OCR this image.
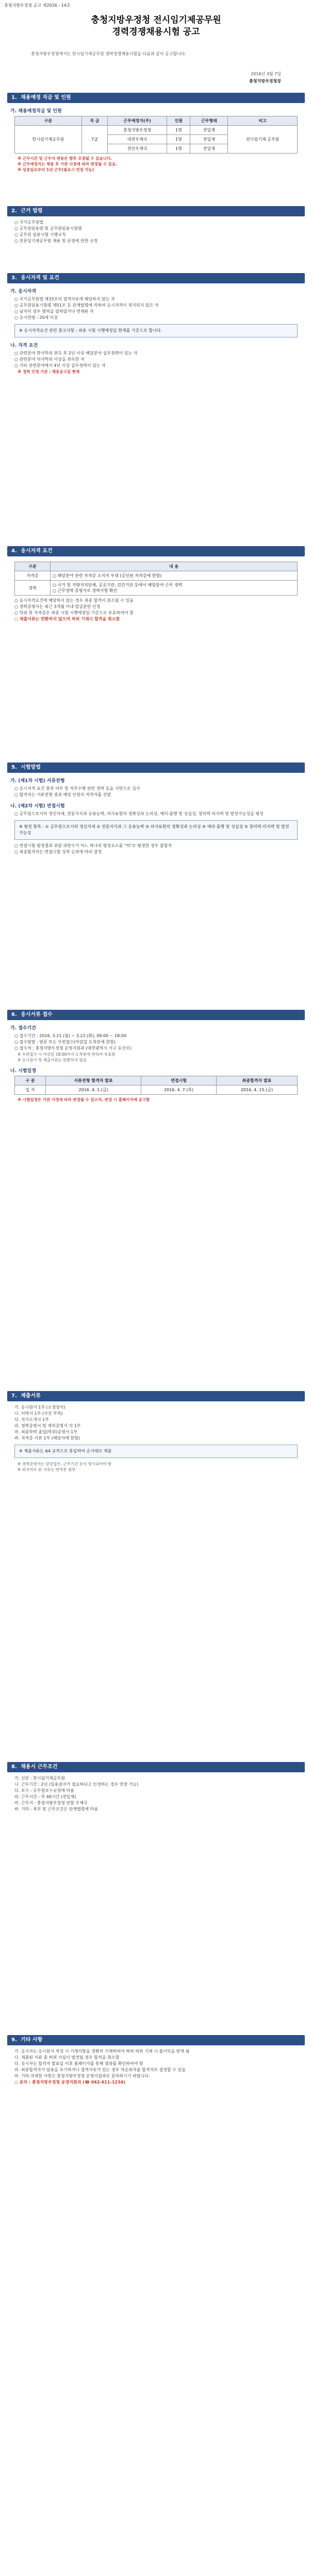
충청지방우정청 공고 제2016 - 14호
충청지방우정청 전시임기제공무원
경력경쟁채용시험 공고
충청지방우정청에서는 한시임기제공무원 경력경쟁채용시험을 다음과 같이 공고합니다.
2016년 3월 7일
충청지방우정청장
1. 채용예정 직급 및 인원
가. 채용예정직급 및 인원
구분	직 급	근무예정지(주)	인원	근무형태	비고
한시임기제공무원	7급	충청지방우정청	1명	전일제	전시임기제 공무원
		대전우체국	1명	전일제	
		천안우체국	1명	전일제	
※ 근무시간 및 근무지 변동은 향후 조정될 수 있습니다.
※ 근무예정지는 채용 후 기관 사정에 따라 변경될 수 있음.
※ 임용일로부터 1년 근무(필요시 연장 가능)
2. 근거 법령
○ 국가공무원법
○ 공무원임용령 및 공무원임용시험령
○ 공무원 임용시험 시행규칙
○ 전문임기제공무원 채용 및 운영에 관한 규정
3. 응시자격 및 요건
가. 응시자격
○ 국가공무원법 제33조의 결격사유에 해당하지 않는 자
○ 공무원임용시험령 제51조 등 관계법령에 의하여 응시자격이 정지되지 않은 자
○ 남자의 경우 병역을 필하였거나 면제된 자
○ 응시연령 : 20세 이상
※ 응시자격요건 관련 참고사항 : 최종 시험 시행예정일 현재를 기준으로 합니다.
나. 자격 요건
○ 관련분야 학사학위 취득 후 2년 이상 해당분야 실무경력이 있는 자
○ 관련분야 석사학위 이상을 취득한 자
○ 기타 관련분야에서 4년 이상 실무경력이 있는 자
※ 경력 인정 기준 : 채용공고일 현재
4. 응시자격 요건
구분	내 용
자격증	○ 해당분야 관련 자격증 소지자 우대 (공인된 자격증에 한함)
경력	○ 국가 및 지방자치단체, 공공기관, 민간기관 등에서 해당분야 근무 경력
○ 근무경력 증명서로 경력사항 확인
○ 응시자격요건에 해당하지 않는 경우 최종 합격이 취소될 수 있음
○ 경력증명서는 최근 3개월 이내 발급분만 인정
○ 학위 및 자격증은 최종 시험 시행예정일 기준으로 유효하여야 함
○ 제출서류는 반환하지 않으며 허위 기재시 합격을 취소함
5. 시험방법
가. (제1차 시험) 서류전형
○ 응시자격 요건 충족 여부 및 직무수행 관련 경력 등을 서면으로 심사
○ 합격자는 서류전형 결과 해당 인원의 적격자를 선발
나. (제2차 시험) 면접시험
○ 공무원으로서의 정신자세, 전문지식과 응용능력, 의사표현의 정확성과 논리성, 예의·품행 및 성실성, 창의력·의지력 및 발전가능성을 평정
※ 평정 항목 : ① 공무원으로서의 정신자세 ② 전문지식과 그 응용능력 ③ 의사표현의 정확성과 논리성 ④ 예의·품행 및 성실성 ⑤ 창의력·의지력 및 발전가능성
○ 면접시험 평정결과 위원 과반수가 어느 하나의 평정요소를 "하"로 평정한 경우 불합격
○ 최종합격자는 면접시험 성적 순위에 따라 결정
6. 응시서류 접수
가. 접수기간
○ 접수기간 : 2016. 3.21.(월) ~ 3.22.(화), 09:00 ~ 18:00
○ 접수방법 : 방문 또는 우편접수(마감일 도착분에 한함)
○ 접수처 : 충청지방우정청 운영지원과 (대전광역시 서구 둔산로)
※ 우편접수 시 마감일 18:00까지 도착분에 한하여 유효함
※ 응시원서 및 제출서류는 반환하지 않음
나. 시험일정
구 분	서류전형 합격자 발표	면접시험	최종합격자 발표
일 자	2016. 4. 1.(금)	2016. 4. 7.(목)	2016. 4. 15.(금)
※ 시험일정은 기관 사정에 따라 변경될 수 있으며, 변경 시 홈페이지에 공고함
7. 제출서류
가. 응시원서 1부 (소정양식)
나. 이력서 1부 (사진 부착)
다. 자기소개서 1부
라. 경력증명서 및 재직증명서 각 1부
마. 최종학력 졸업(학위)증명서 1부
바. 자격증 사본 1부 (해당자에 한함)
※ 제출서류는 A4 규격으로 통일하여 순서대로 제출
※ 경력증명서는 담당업무, 근무기간 등이 명시되어야 함
※ 외국어로 된 서류는 번역본 첨부
8. 채용시 근무조건
가. 신분 : 한시임기제공무원
나. 근무기간 : 2년 (임용권자가 필요하다고 인정하는 경우 연장 가능)
다. 보수 : 공무원보수규정에 따름
라. 근무시간 : 주 40시간 (전일제)
마. 근무지 : 충청지방우정청 관할 우체국
바. 기타 : 복무 및 근무조건은 관계법령에 따름
9. 기타 사항
가. 응시자는 응시원서 작성 시 기재사항을 정확히 기재하여야 하며 허위 기재 시 불이익을 받게 됨
나. 제출된 서류 중 허위 사실이 발견될 경우 합격을 취소함
다. 응시자는 합격자 발표일 이후 홈페이지를 통해 결과를 확인하여야 함
라. 최종합격자가 임용을 포기하거나 결격사유가 있는 경우 차순위자를 합격자로 결정할 수 있음
마. 기타 자세한 사항은 충청지방우정청 운영지원과로 문의하시기 바랍니다.
○ 문의 : 충청지방우정청 운영지원과 (☎ 042-611-1234)
